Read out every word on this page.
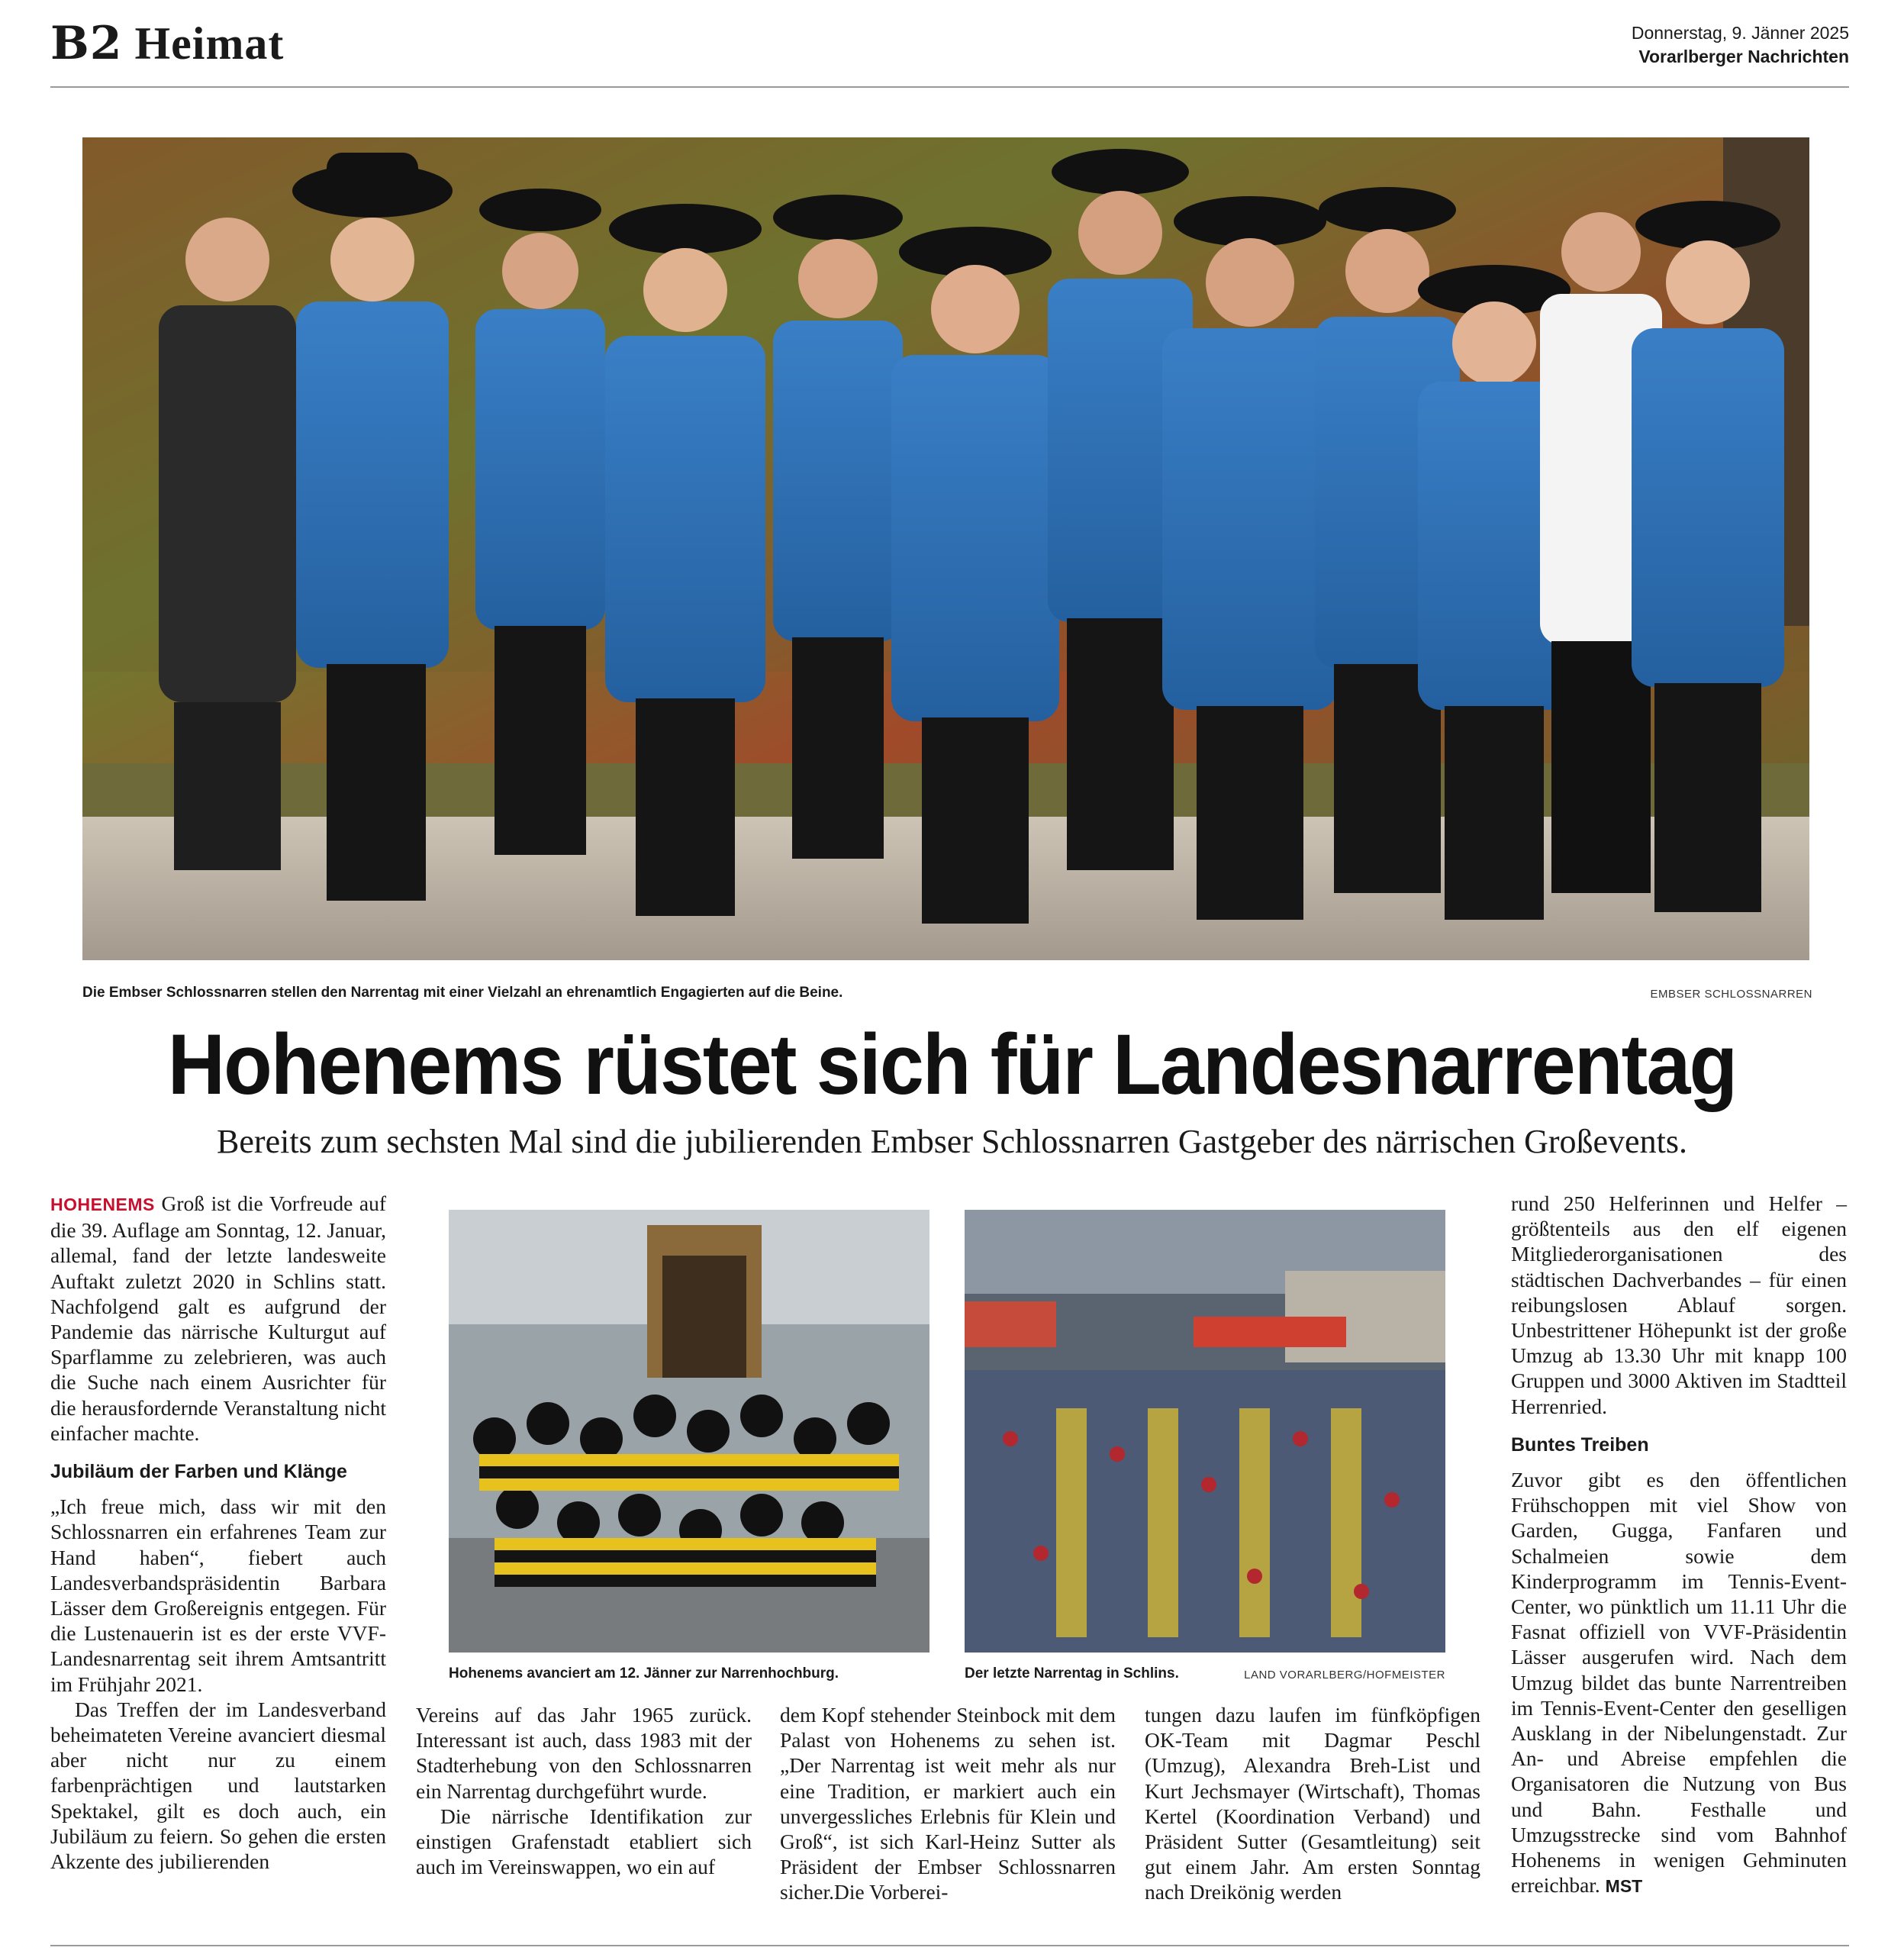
B2 Heimat	Donnerstag, 9. Jänner 2025
Vorarlberger Nachrichten
Die Embser Schlossnarren stellen den Narrentag mit einer Vielzahl an ehrenamtlich Engagierten auf die Beine.	EMBSER SCHLOSSNARREN
Hohenems rüstet sich für Landesnarrentag
Bereits zum sechsten Mal sind die jubilierenden Embser Schlossnarren Gastgeber des närrischen Großevents.

HOHENEMS Groß ist die Vorfreude auf die 39. Auflage am Sonntag, 12. Januar, allemal, fand der letzte landesweite Auftakt zuletzt 2020 in Schlins statt. Nachfolgend galt es aufgrund der Pandemie das närrische Kulturgut auf Sparflamme zu zelebrieren, was auch die Suche nach einem Ausrichter für die herausfordernde Veranstaltung nicht einfacher machte.

Jubiläum der Farben und Klänge

„Ich freue mich, dass wir mit den Schlossnarren ein erfahrenes Team zur Hand haben“, fiebert auch Landesverbandspräsidentin Barbara Lässer dem Großereignis entgegen. Für die Lustenauerin ist es der erste VVF-Landesnarrentag seit ihrem Amtsantritt im Frühjahr 2021.

Das Treffen der im Landesverband beheimateten Vereine avanciert diesmal aber nicht nur zu einem farbenprächtigen und lautstarken Spektakel, gilt es doch auch, ein Jubiläum zu feiern. So gehen die ersten Akzente des jubilierenden

Hohenems avanciert am 12. Jänner zur Narrenhochburg.	Der letzte Narrentag in Schlins.	LAND VORARLBERG/HOFMEISTER

Vereins auf das Jahr 1965 zurück. Interessant ist auch, dass 1983 mit der Stadterhebung von den Schlossnarren ein Narrentag durchgeführt wurde.

Die närrische Identifikation zur einstigen Grafenstadt etabliert sich auch im Vereinswappen, wo ein auf

dem Kopf stehender Steinbock mit dem Palast von Hohenems zu sehen ist. „Der Narrentag ist weit mehr als nur eine Tradition, er markiert auch ein unvergessliches Erlebnis für Klein und Groß“, ist sich Karl-Heinz Sutter als Präsident der Embser Schlossnarren sicher.Die Vorberei-

tungen dazu laufen im fünfköpfigen OK-Team mit Dagmar Peschl (Umzug), Alexandra Breh-List und Kurt Jechsmayer (Wirtschaft), Thomas Kertel (Koordination Verband) und Präsident Sutter (Gesamtleitung) seit gut einem Jahr. Am ersten Sonntag nach Dreikönig werden

rund 250 Helferinnen und Helfer – größtenteils aus den elf eigenen Mitgliederorganisationen des städtischen Dachverbandes – für einen reibungslosen Ablauf sorgen. Unbestrittener Höhepunkt ist der große Umzug ab 13.30 Uhr mit knapp 100 Gruppen und 3000 Aktiven im Stadtteil Herrenried.

Buntes Treiben

Zuvor gibt es den öffentlichen Frühschoppen mit viel Show von Garden, Gugga, Fanfaren und Schalmeien sowie dem Kinderprogramm im Tennis-Event-Center, wo pünktlich um 11.11 Uhr die Fasnat offiziell von VVF-Präsidentin Lässer ausgerufen wird. Nach dem Umzug bildet das bunte Narrentreiben im Tennis-Event-Center den geselligen Ausklang in der Nibelungenstadt. Zur An- und Abreise empfehlen die Organisatoren die Nutzung von Bus und Bahn. Festhalle und Umzugsstrecke sind vom Bahnhof Hohenems in wenigen Gehminuten erreichbar. MST
